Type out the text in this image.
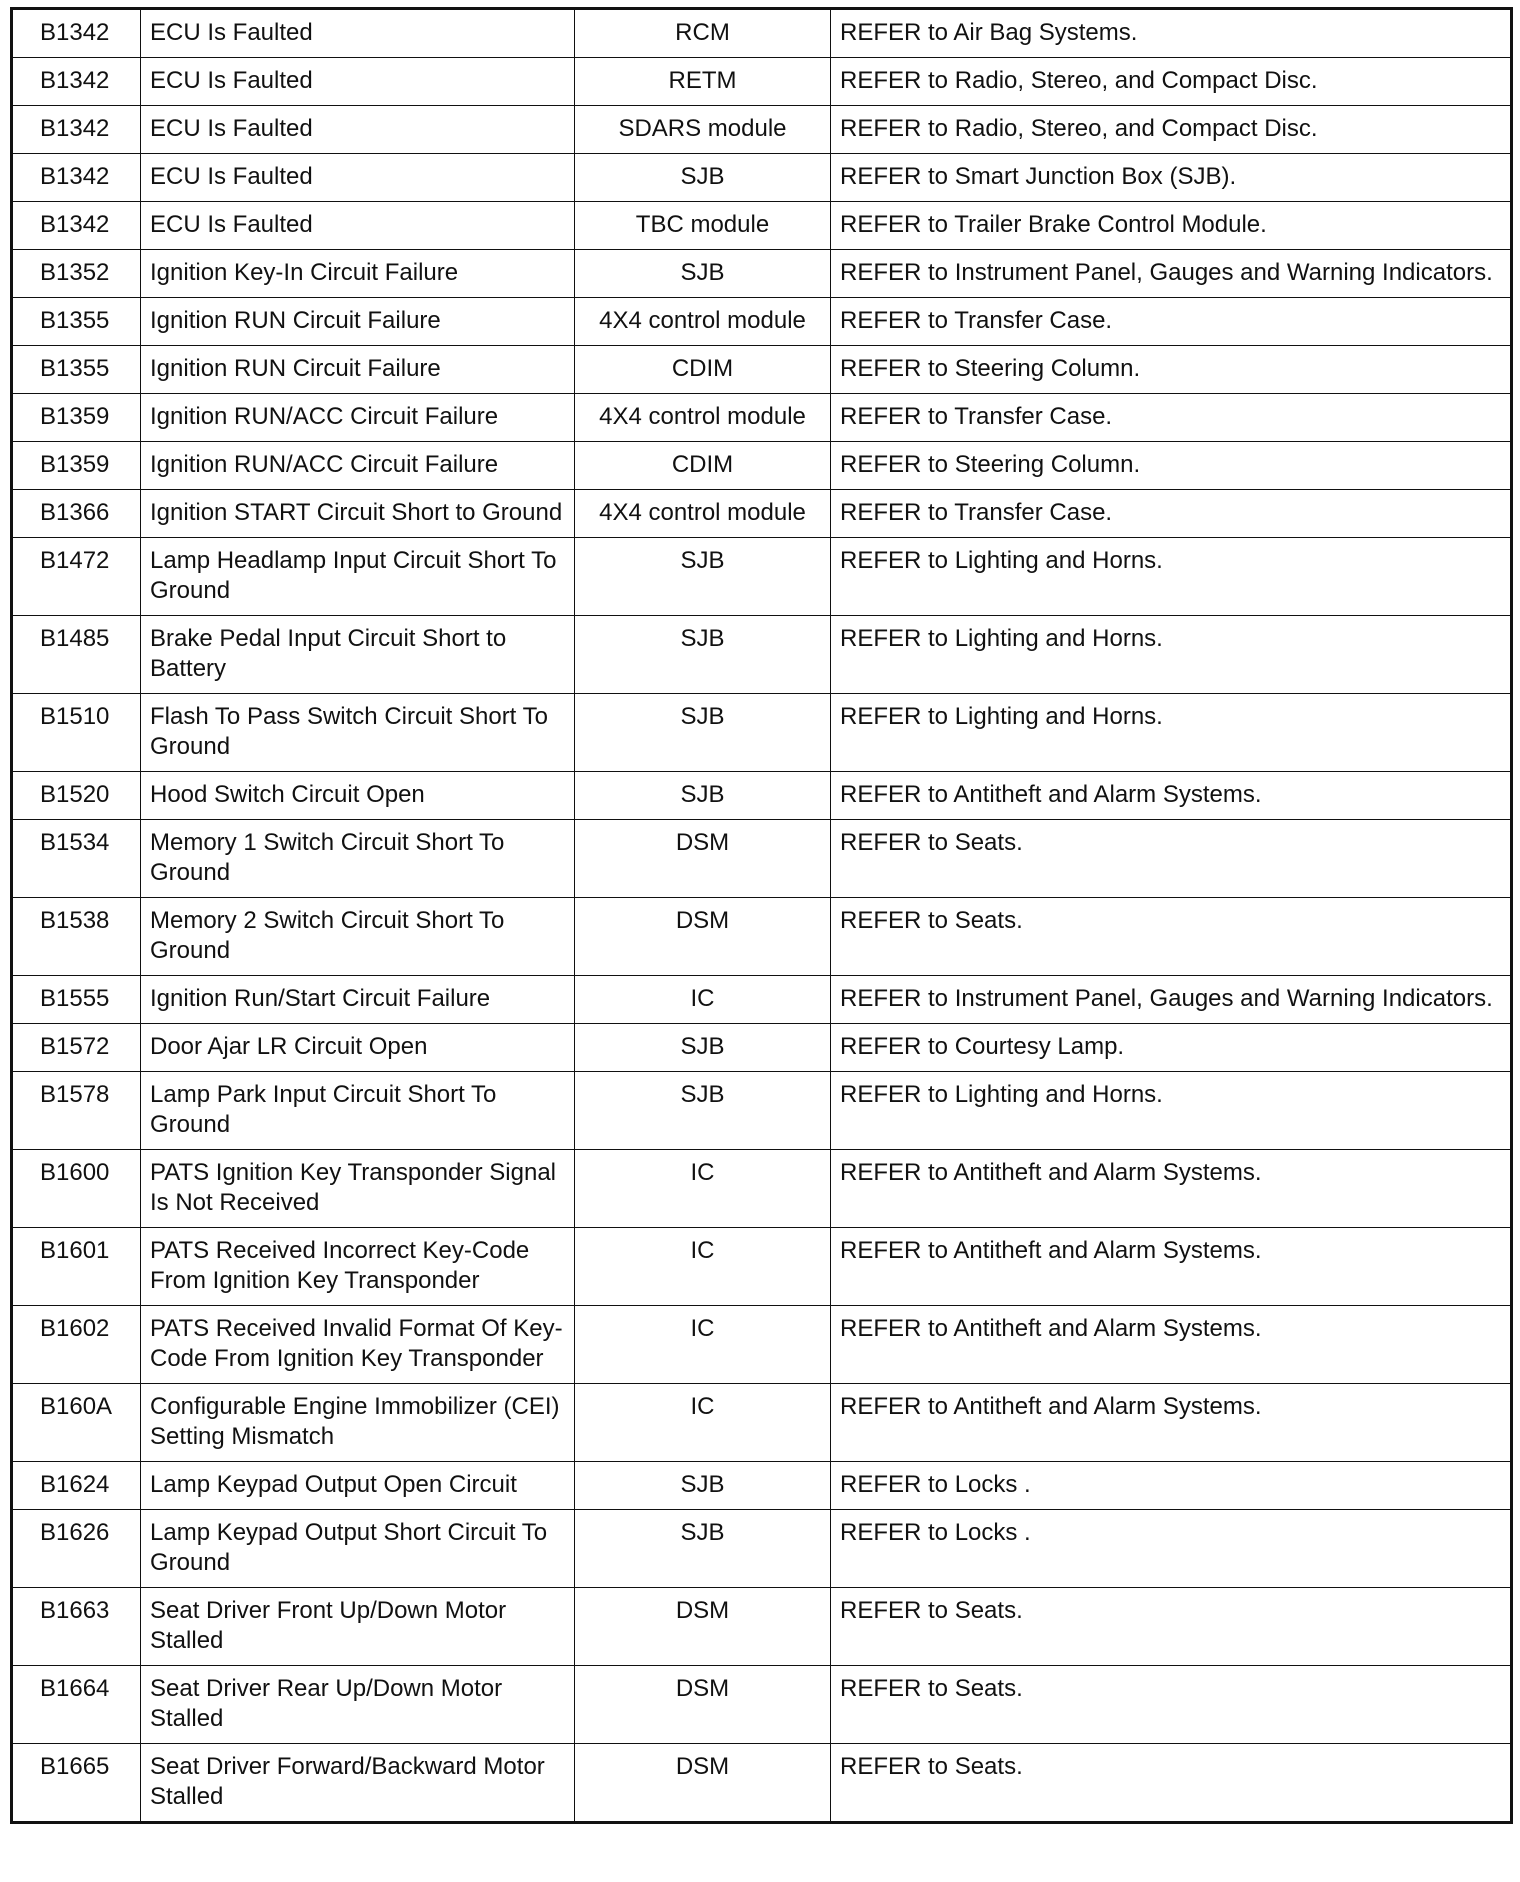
B1342	ECU Is Faulted	RCM	REFER to Air Bag Systems.
B1342	ECU Is Faulted	RETM	REFER to Radio, Stereo, and Compact Disc.
B1342	ECU Is Faulted	SDARS module	REFER to Radio, Stereo, and Compact Disc.
B1342	ECU Is Faulted	SJB	REFER to Smart Junction Box (SJB).
B1342	ECU Is Faulted	TBC module	REFER to Trailer Brake Control Module.
B1352	Ignition Key-In Circuit Failure	SJB	REFER to Instrument Panel, Gauges and Warning Indicators.
B1355	Ignition RUN Circuit Failure	4X4 control module	REFER to Transfer Case.
B1355	Ignition RUN Circuit Failure	CDIM	REFER to Steering Column.
B1359	Ignition RUN/ACC Circuit Failure	4X4 control module	REFER to Transfer Case.
B1359	Ignition RUN/ACC Circuit Failure	CDIM	REFER to Steering Column.
B1366	Ignition START Circuit Short to Ground	4X4 control module	REFER to Transfer Case.
B1472	Lamp Headlamp Input Circuit Short To Ground	SJB	REFER to Lighting and Horns.
B1485	Brake Pedal Input Circuit Short to Battery	SJB	REFER to Lighting and Horns.
B1510	Flash To Pass Switch Circuit Short To Ground	SJB	REFER to Lighting and Horns.
B1520	Hood Switch Circuit Open	SJB	REFER to Antitheft and Alarm Systems.
B1534	Memory 1 Switch Circuit Short To Ground	DSM	REFER to Seats.
B1538	Memory 2 Switch Circuit Short To Ground	DSM	REFER to Seats.
B1555	Ignition Run/Start Circuit Failure	IC	REFER to Instrument Panel, Gauges and Warning Indicators.
B1572	Door Ajar LR Circuit Open	SJB	REFER to Courtesy Lamp.
B1578	Lamp Park Input Circuit Short To Ground	SJB	REFER to Lighting and Horns.
B1600	PATS Ignition Key Transponder Signal Is Not Received	IC	REFER to Antitheft and Alarm Systems.
B1601	PATS Received Incorrect Key-Code From Ignition Key Transponder	IC	REFER to Antitheft and Alarm Systems.
B1602	PATS Received Invalid Format Of Key-Code From Ignition Key Transponder	IC	REFER to Antitheft and Alarm Systems.
B160A	Configurable Engine Immobilizer (CEI) Setting Mismatch	IC	REFER to Antitheft and Alarm Systems.
B1624	Lamp Keypad Output Open Circuit	SJB	REFER to Locks .
B1626	Lamp Keypad Output Short Circuit To Ground	SJB	REFER to Locks .
B1663	Seat Driver Front Up/Down Motor Stalled	DSM	REFER to Seats.
B1664	Seat Driver Rear Up/Down Motor Stalled	DSM	REFER to Seats.
B1665	Seat Driver Forward/Backward Motor Stalled	DSM	REFER to Seats.
